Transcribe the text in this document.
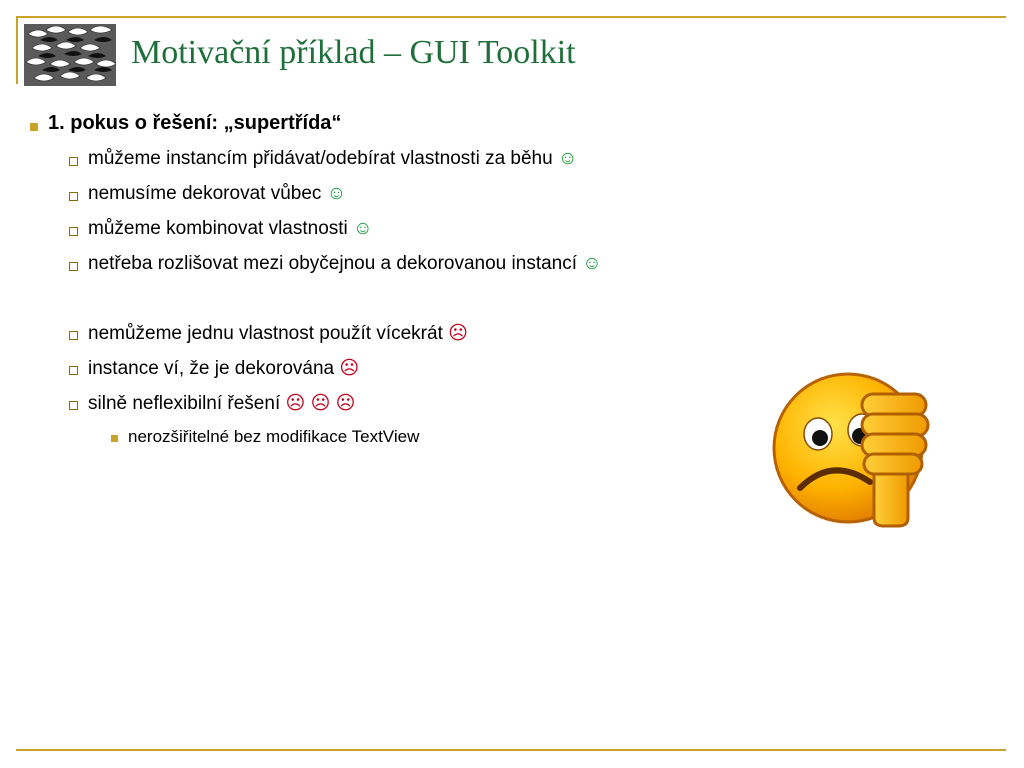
Motivační příklad – GUI Toolkit
1. pokus o řešení: „supertřída“
můžeme instancím přidávat/odebírat vlastnosti za běhu ☺
nemusíme dekorovat vůbec ☺
můžeme kombinovat vlastnosti ☺
netřeba rozlišovat mezi obyčejnou a dekorovanou instancí ☺
nemůžeme jednu vlastnost použít vícekrát ☹
instance ví, že je dekorována ☹
silně neflexibilní řešení ☹ ☹ ☹
nerozšiřitelné bez modifikace TextView
